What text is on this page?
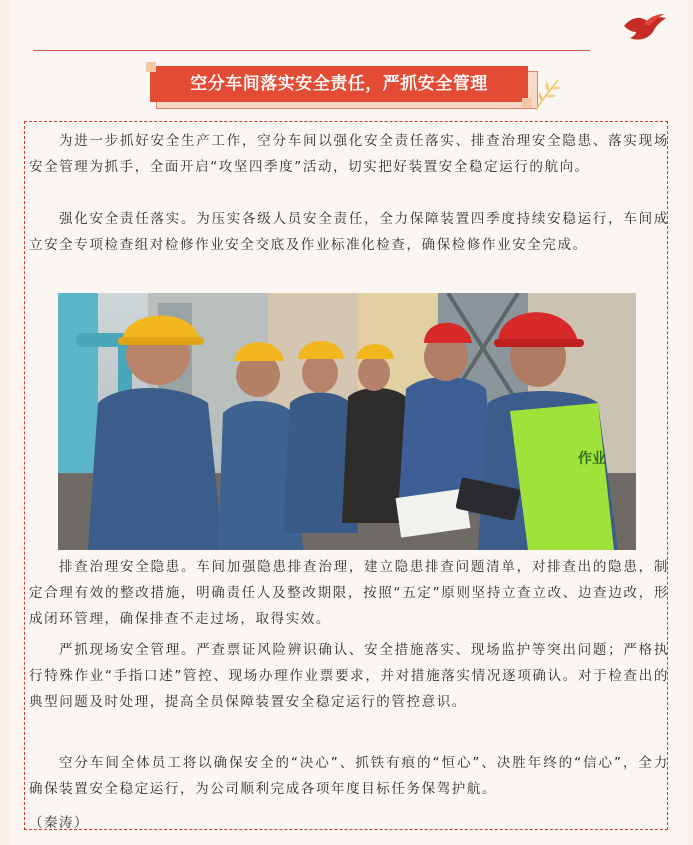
空分车间落实安全责任，严抓安全管理

为进一步抓好安全生产工作，空分车间以强化安全责任落实、排查治理安全隐患、落实现场安全管理为抓手，全面开启“攻坚四季度”活动，切实把好装置安全稳定运行的航向。

强化安全责任落实。为压实各级人员安全责任，全力保障装置四季度持续安稳运行，车间成立安全专项检查组对检修作业安全交底及作业标准化检查，确保检修作业安全完成。

排查治理安全隐患。车间加强隐患排查治理，建立隐患排查问题清单，对排查出的隐患，制定合理有效的整改措施，明确责任人及整改期限，按照“五定”原则坚持立查立改、边查边改，形成闭环管理，确保排查不走过场，取得实效。

严抓现场安全管理。严查票证风险辨识确认、安全措施落实、现场监护等突出问题；严格执行特殊作业“手指口述”管控、现场办理作业票要求，并对措施落实情况逐项确认。对于检查出的典型问题及时处理，提高全员保障装置安全稳定运行的管控意识。

空分车间全体员工将以确保安全的“决心”、抓铁有痕的“恒心”、决胜年终的“信心”，全力确保装置安全稳定运行，为公司顺利完成各项年度目标任务保驾护航。

（秦涛）
作业
